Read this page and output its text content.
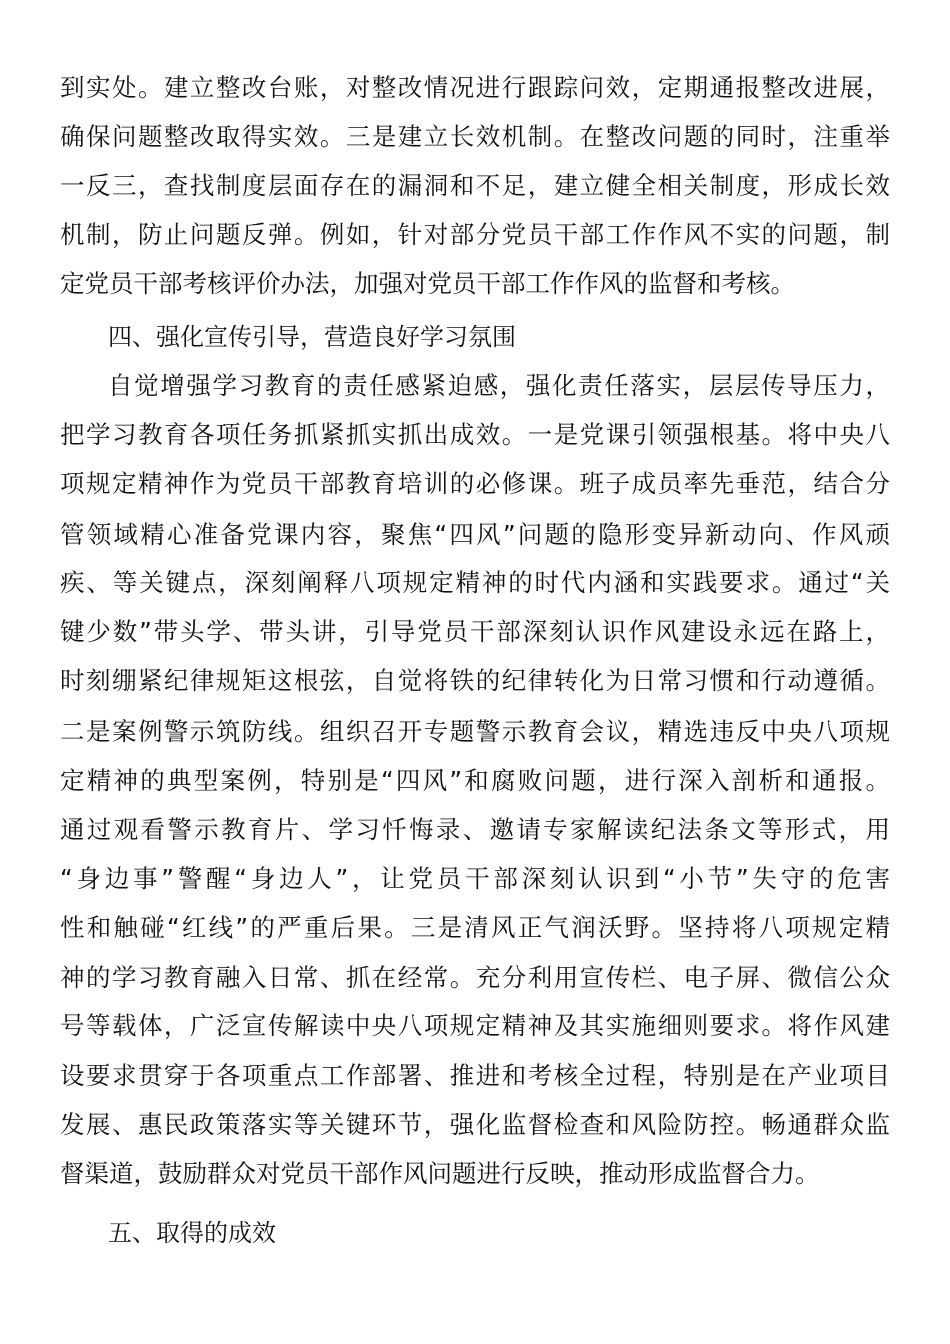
到实处。建立整改台账，对整改情况进行跟踪问效，定期通报整改进展，
确保问题整改取得实效。三是建立长效机制。在整改问题的同时，注重举
一反三，查找制度层面存在的漏洞和不足，建立健全相关制度，形成长效
机制，防止问题反弹。例如，针对部分党员干部工作作风不实的问题，制
定党员干部考核评价办法，加强对党员干部工作作风的监督和考核。
四、强化宣传引导，营造良好学习氛围
自觉增强学习教育的责任感紧迫感，强化责任落实，层层传导压力，
把学习教育各项任务抓紧抓实抓出成效。一是党课引领强根基。将中央八
项规定精神作为党员干部教育培训的必修课。班子成员率先垂范，结合分
管领域精心准备党课内容，聚焦“四风”问题的隐形变异新动向、作风顽
疾、等关键点，深刻阐释八项规定精神的时代内涵和实践要求。通过“关
键少数”带头学、带头讲，引导党员干部深刻认识作风建设永远在路上，
时刻绷紧纪律规矩这根弦，自觉将铁的纪律转化为日常习惯和行动遵循。
二是案例警示筑防线。组织召开专题警示教育会议，精选违反中央八项规
定精神的典型案例，特别是“四风”和腐败问题，进行深入剖析和通报。
通过观看警示教育片、学习忏悔录、邀请专家解读纪法条文等形式，用
“身边事”警醒“身边人”，让党员干部深刻认识到“小节”失守的危害
性和触碰“红线”的严重后果。三是清风正气润沃野。坚持将八项规定精
神的学习教育融入日常、抓在经常。充分利用宣传栏、电子屏、微信公众
号等载体，广泛宣传解读中央八项规定精神及其实施细则要求。将作风建
设要求贯穿于各项重点工作部署、推进和考核全过程，特别是在产业项目
发展、惠民政策落实等关键环节，强化监督检查和风险防控。畅通群众监
督渠道，鼓励群众对党员干部作风问题进行反映，推动形成监督合力。
五、取得的成效
